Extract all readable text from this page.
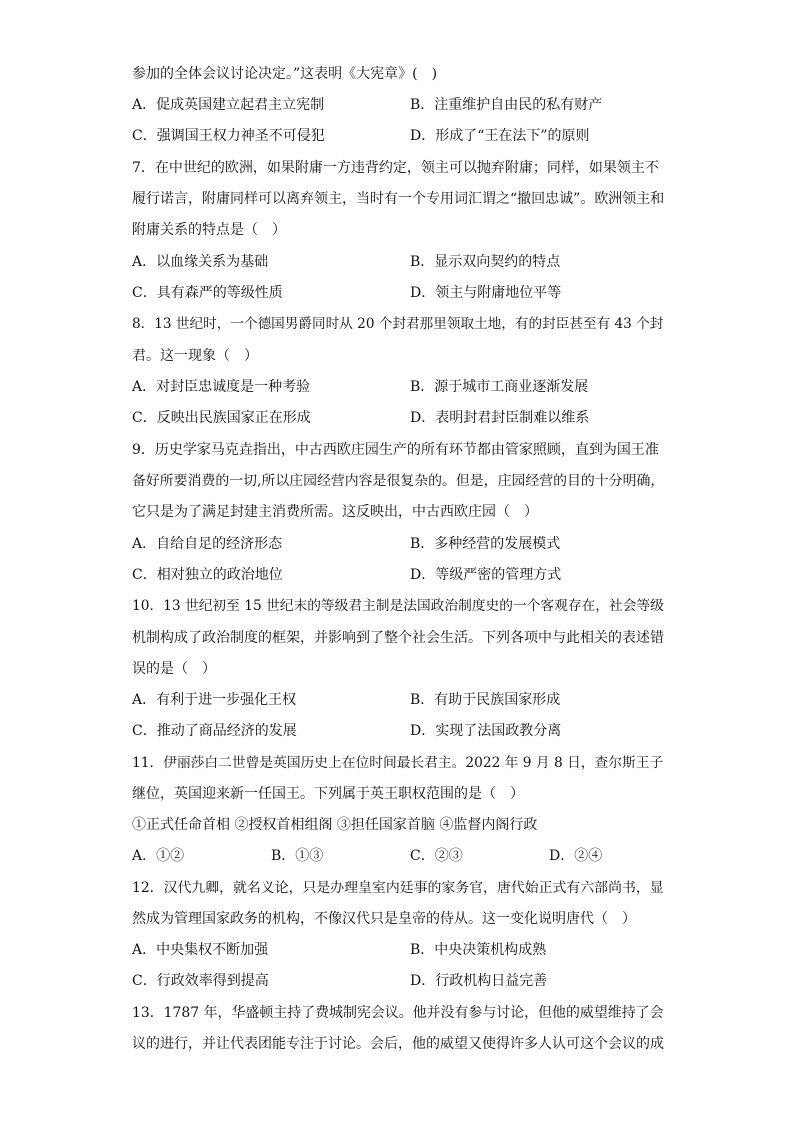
参加的全体会议讨论决定。”这表明《大宪章》(　)
A．促成英国建立起君主立宪制	B．注重维护自由民的私有财产
C．强调国王权力神圣不可侵犯	D．形成了“王在法下”的原则
7．在中世纪的欧洲，如果附庸一方违背约定，领主可以抛弃附庸；同样，如果领主不
履行诺言，附庸同样可以离弃领主，当时有一个专用词汇谓之“撤回忠诚”。欧洲领主和
附庸关系的特点是（　）
A．以血缘关系为基础	B．显示双向契约的特点
C．具有森严的等级性质	D．领主与附庸地位平等
8．13 世纪时，一个德国男爵同时从 20 个封君那里领取土地，有的封臣甚至有 43 个封
君。这一现象（　）
A．对封臣忠诚度是一种考验	B．源于城市工商业逐渐发展
C．反映出民族国家正在形成	D．表明封君封臣制难以维系
9．历史学家马克垚指出，中古西欧庄园生产的所有环节都由管家照顾，直到为国王准
备好所要消费的一切,所以庄园经营内容是很复杂的。但是，庄园经营的目的十分明确，
它只是为了满足封建主消费所需。这反映出，中古西欧庄园（　）
A．自给自足的经济形态	B．多种经营的发展模式
C．相对独立的政治地位	D．等级严密的管理方式
10．13 世纪初至 15 世纪末的等级君主制是法国政治制度史的一个客观存在，社会等级
机制构成了政治制度的框架，并影响到了整个社会生活。下列各项中与此相关的表述错
误的是（　）
A．有利于进一步强化王权	B．有助于民族国家形成
C．推动了商品经济的发展	D．实现了法国政教分离
11．伊丽莎白二世曾是英国历史上在位时间最长君主。2022 年 9 月 8 日，查尔斯王子
继位，英国迎来新一任国王。下列属于英王职权范围的是（　）
①正式任命首相 ②授权首相组阁 ③担任国家首脑 ④监督内阁行政
A．①②	B．①③	C．②③	D．②④
12．汉代九卿，就名义论，只是办理皇室内廷事的家务官，唐代始正式有六部尚书，显
然成为管理国家政务的机构，不像汉代只是皇帝的侍从。这一变化说明唐代（　）
A．中央集权不断加强	B．中央决策机构成熟
C．行政效率得到提高	D．行政机构日益完善
13．1787 年，华盛顿主持了费城制宪会议。他并没有参与讨论，但他的威望维持了会
议的进行，并让代表团能专注于讨论。会后，他的威望又使得许多人认可这个会议的成
